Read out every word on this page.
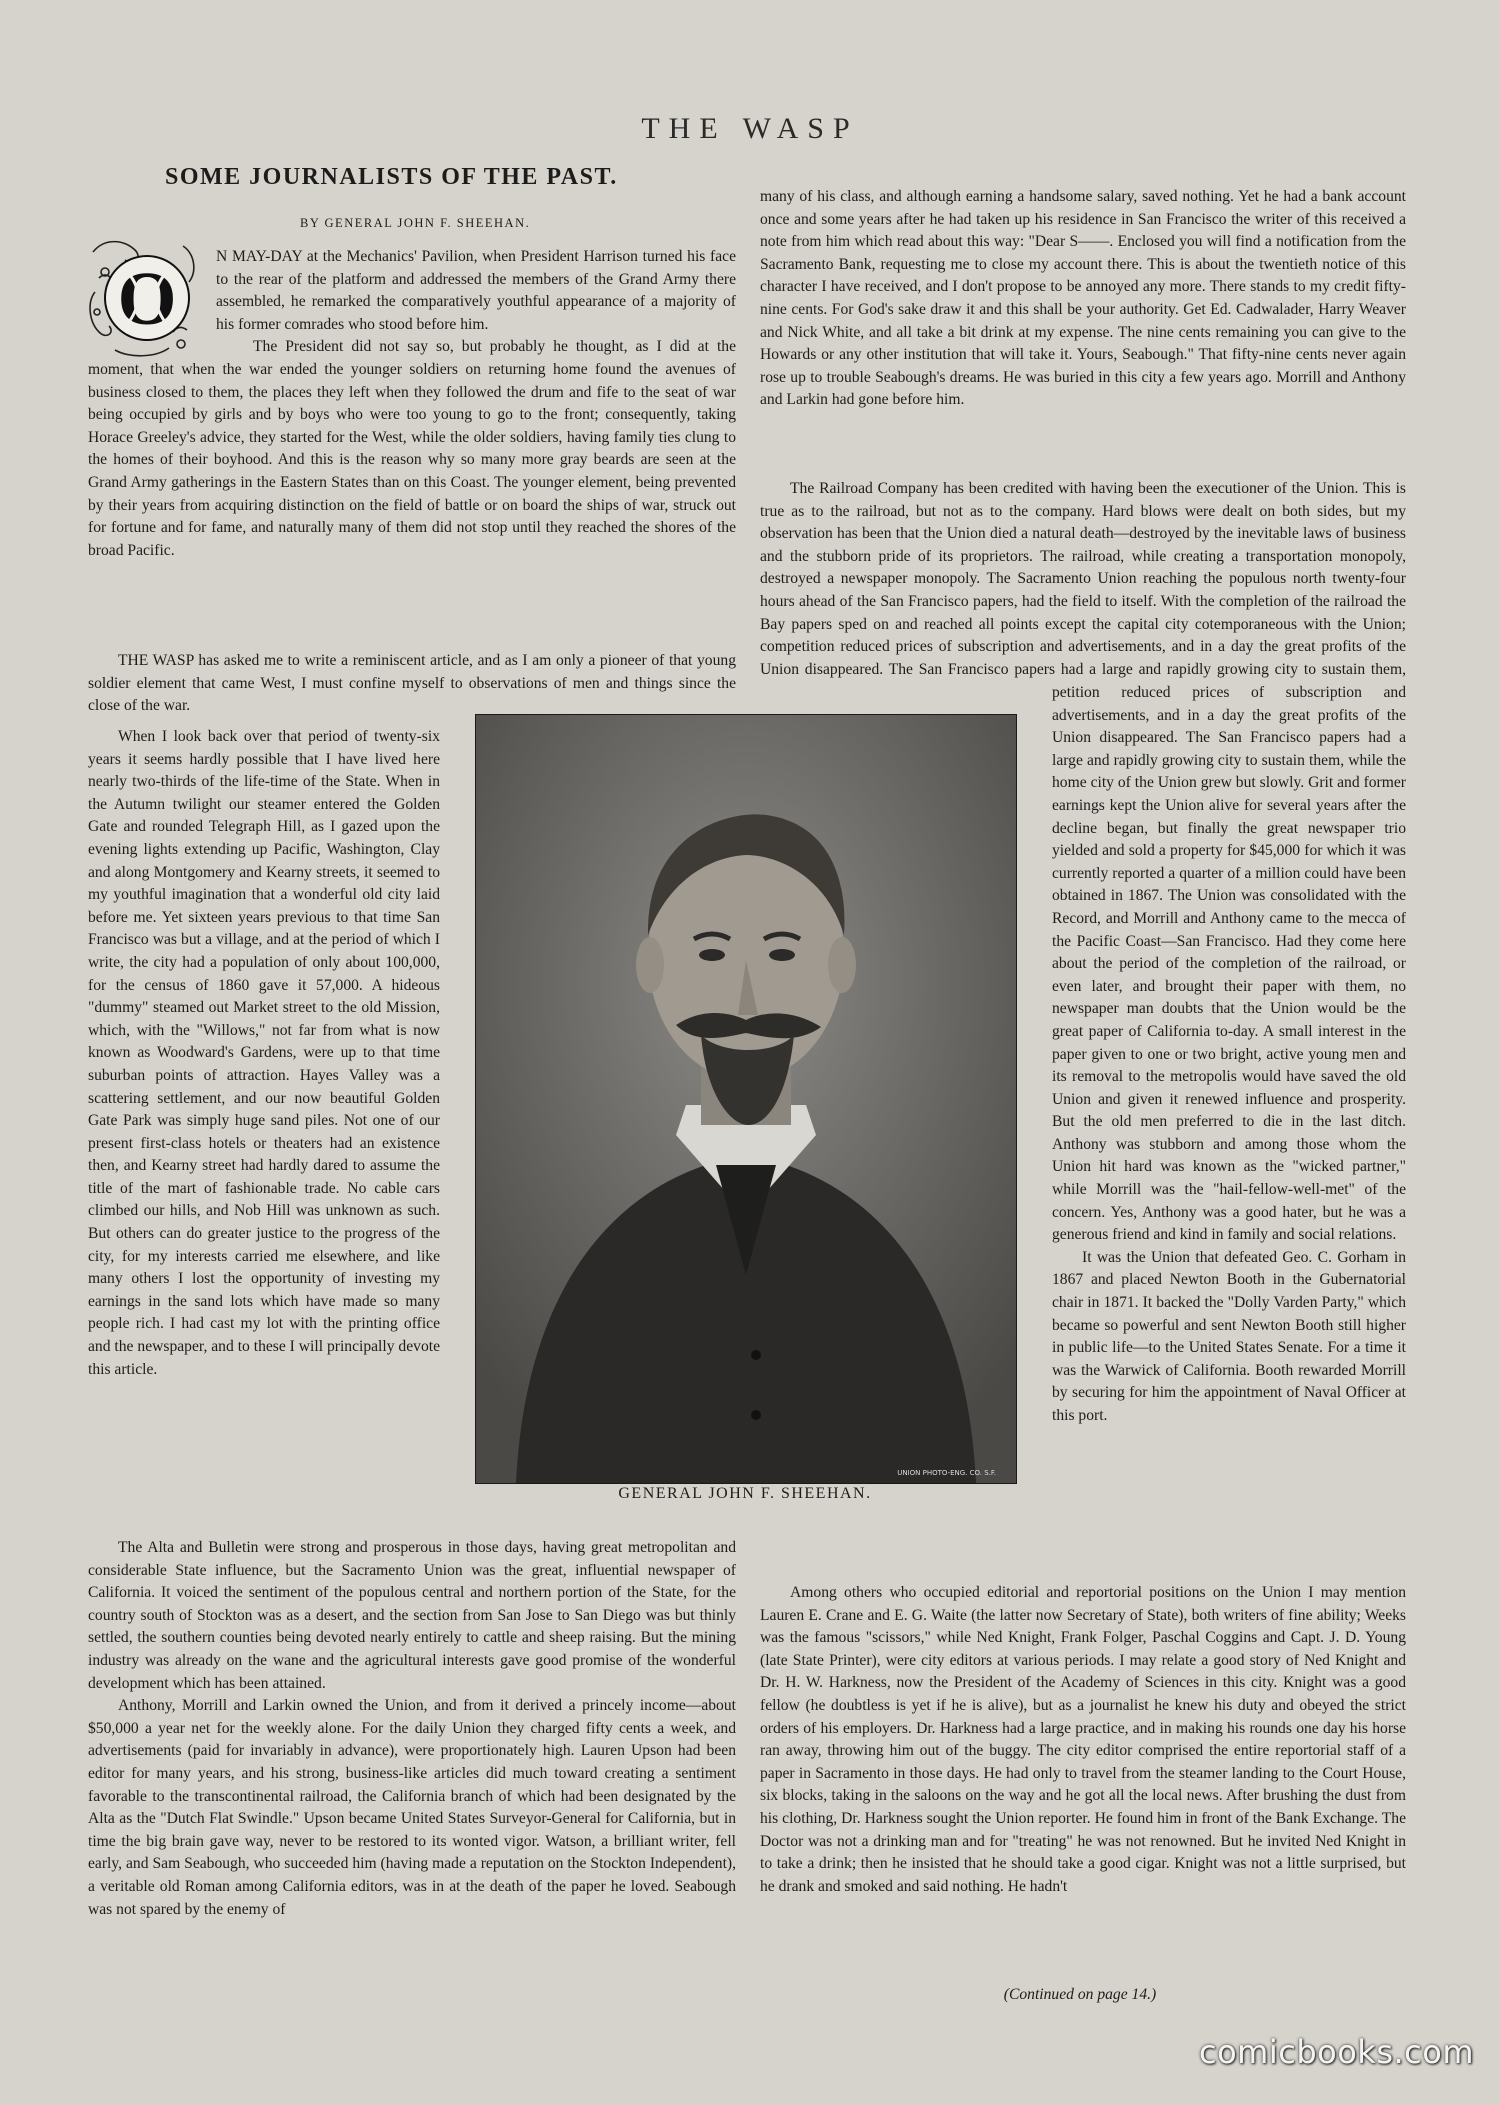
THE WASP
SOME JOURNALISTS OF THE PAST.
BY GENERAL JOHN F. SHEEHAN.
O

N MAY-DAY at the Mechanics' Pavilion, when President Harrison turned his face to the rear of the platform and addressed the members of the Grand Army there assembled, he remarked the comparatively youthful appearance of a majority of his former comrades who stood before him.

The President did not say so, but probably he thought, as I did at the moment, that when the war ended the younger soldiers on returning home found the avenues of business closed to them, the places they left when they followed the drum and fife to the seat of war being occupied by girls and by boys who were too young to go to the front; consequently, taking Horace Greeley's advice, they started for the West, while the older soldiers, having family ties clung to the homes of their boyhood. And this is the reason why so many more gray beards are seen at the Grand Army gatherings in the Eastern States than on this Coast. The younger element, being prevented by their years from acquiring distinction on the field of battle or on board the ships of war, struck out for fortune and for fame, and naturally many of them did not stop until they reached the shores of the broad Pacific.

THE WASP has asked me to write a reminiscent article, and as I am only a pioneer of that young soldier element that came West, I must confine myself to observations of men and things since the close of the war.

When I look back over that period of twenty-six years it seems hardly possible that I have lived here nearly two-thirds of the life-time of the State. When in the Autumn twilight our steamer entered the Golden Gate and rounded Telegraph Hill, as I gazed upon the evening lights extending up Pacific, Washington, Clay and along Montgomery and Kearny streets, it seemed to my youthful imagination that a wonderful old city laid before me. Yet sixteen years previous to that time San Francisco was but a village, and at the period of which I write, the city had a population of only about 100,000, for the census of 1860 gave it 57,000. A hideous "dummy" steamed out Market street to the old Mission, which, with the "Willows," not far from what is now known as Woodward's Gardens, were up to that time suburban points of attraction. Hayes Valley was a scattering settlement, and our now beautiful Golden Gate Park was simply huge sand piles. Not one of our present first-class hotels or theaters had an existence then, and Kearny street had hardly dared to assume the title of the mart of fashionable trade. No cable cars climbed our hills, and Nob Hill was unknown as such. But others can do greater justice to the progress of the city, for my interests carried me elsewhere, and like many others I lost the opportunity of investing my earnings in the sand lots which have made so many people rich. I had cast my lot with the printing office and the newspaper, and to these I will principally devote this article.

UNION PHOTO-ENG. CO. S.F.
GENERAL JOHN F. SHEEHAN.

The Alta and Bulletin were strong and prosperous in those days, having great metropolitan and considerable State influence, but the Sacramento Union was the great, influential newspaper of California. It voiced the sentiment of the populous central and northern portion of the State, for the country south of Stockton was as a desert, and the section from San Jose to San Diego was but thinly settled, the southern counties being devoted nearly entirely to cattle and sheep raising. But the mining industry was already on the wane and the agricultural interests gave good promise of the wonderful development which has been attained.

Anthony, Morrill and Larkin owned the Union, and from it derived a princely income—about $50,000 a year net for the weekly alone. For the daily Union they charged fifty cents a week, and advertisements (paid for invariably in advance), were proportionately high. Lauren Upson had been editor for many years, and his strong, business-like articles did much toward creating a sentiment favorable to the transcontinental railroad, the California branch of which had been designated by the Alta as the "Dutch Flat Swindle." Upson became United States Surveyor-General for California, but in time the big brain gave way, never to be restored to its wonted vigor. Watson, a brilliant writer, fell early, and Sam Seabough, who succeeded him (having made a reputation on the Stockton Independent), a veritable old Roman among California editors, was in at the death of the paper he loved. Seabough was not spared by the enemy of

many of his class, and although earning a handsome salary, saved nothing. Yet he had a bank account once and some years after he had taken up his residence in San Francisco the writer of this received a note from him which read about this way: "Dear S——. Enclosed you will find a notification from the Sacramento Bank, requesting me to close my account there. This is about the twentieth notice of this character I have received, and I don't propose to be annoyed any more. There stands to my credit fifty-nine cents. For God's sake draw it and this shall be your authority. Get Ed. Cadwalader, Harry Weaver and Nick White, and all take a bit drink at my expense. The nine cents remaining you can give to the Howards or any other institution that will take it. Yours, Seabough." That fifty-nine cents never again rose up to trouble Seabough's dreams. He was buried in this city a few years ago. Morrill and Anthony and Larkin had gone before him.

The Railroad Company has been credited with having been the executioner of the Union. This is true as to the railroad, but not as to the company. Hard blows were dealt on both sides, but my observation has been that the Union died a natural death—destroyed by the inevitable laws of business and the stubborn pride of its proprietors. The railroad, while creating a transportation monopoly, destroyed a newspaper monopoly. The Sacramento Union reaching the populous north twenty-four hours ahead of the San Francisco papers, had the field to itself. With the completion of the railroad the Bay papers sped on and reached all points except the capital city cotemporaneous with the Union; competition reduced prices of subscription and advertisements, and in a day the great profits of the Union disappeared. The San Francisco papers had a large and rapidly growing city to sustain them,

petition reduced prices of subscription and advertisements, and in a day the great profits of the Union disappeared. The San Francisco papers had a large and rapidly growing city to sustain them, while the home city of the Union grew but slowly. Grit and former earnings kept the Union alive for several years after the decline began, but finally the great newspaper trio yielded and sold a property for $45,000 for which it was currently reported a quarter of a million could have been obtained in 1867. The Union was consolidated with the Record, and Morrill and Anthony came to the mecca of the Pacific Coast—San Francisco. Had they come here about the period of the completion of the railroad, or even later, and brought their paper with them, no newspaper man doubts that the Union would be the great paper of California to-day. A small interest in the paper given to one or two bright, active young men and its removal to the metropolis would have saved the old Union and given it renewed influence and prosperity. But the old men preferred to die in the last ditch. Anthony was stubborn and among those whom the Union hit hard was known as the "wicked partner," while Morrill was the "hail-fellow-well-met" of the concern. Yes, Anthony was a good hater, but he was a generous friend and kind in family and social relations.

It was the Union that defeated Geo. C. Gorham in 1867 and placed Newton Booth in the Gubernatorial chair in 1871. It backed the "Dolly Varden Party," which became so powerful and sent Newton Booth still higher in public life—to the United States Senate. For a time it was the Warwick of California. Booth rewarded Morrill by securing for him the appointment of Naval Officer at this port.

Among others who occupied editorial and reportorial positions on the Union I may mention Lauren E. Crane and E. G. Waite (the latter now Secretary of State), both writers of fine ability; Weeks was the famous "scissors," while Ned Knight, Frank Folger, Paschal Coggins and Capt. J. D. Young (late State Printer), were city editors at various periods. I may relate a good story of Ned Knight and Dr. H. W. Harkness, now the President of the Academy of Sciences in this city. Knight was a good fellow (he doubtless is yet if he is alive), but as a journalist he knew his duty and obeyed the strict orders of his employers. Dr. Harkness had a large practice, and in making his rounds one day his horse ran away, throwing him out of the buggy. The city editor comprised the entire reportorial staff of a paper in Sacramento in those days. He had only to travel from the steamer landing to the Court House, six blocks, taking in the saloons on the way and he got all the local news. After brushing the dust from his clothing, Dr. Harkness sought the Union reporter. He found him in front of the Bank Exchange. The Doctor was not a drinking man and for "treating" he was not renowned. But he invited Ned Knight in to take a drink; then he insisted that he should take a good cigar. Knight was not a little surprised, but he drank and smoked and said nothing. He hadn't

(Continued on page 14.)
comicbooks.com
